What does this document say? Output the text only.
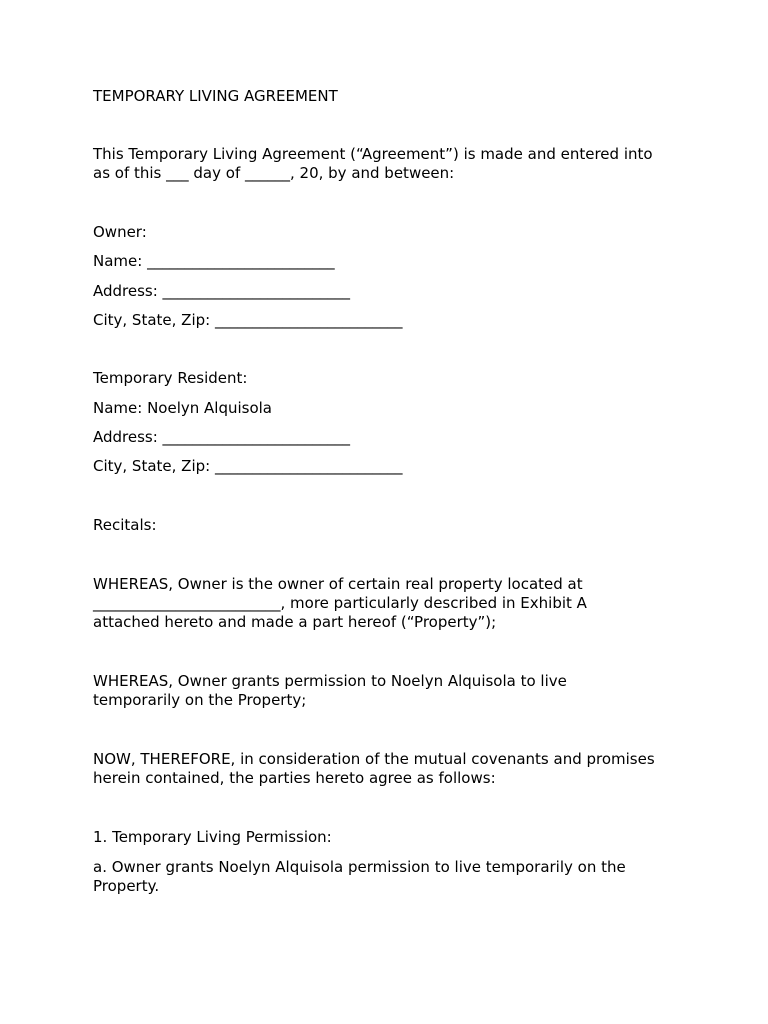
TEMPORARY LIVING AGREEMENT

This Temporary Living Agreement (“Agreement”) is made and entered into

as of this ___ day of ______, 20, by and between:

Owner:

Name: _________________________

Address: _________________________

City, State, Zip: _________________________

Temporary Resident:

Name: Noelyn Alquisola

Address: _________________________

City, State, Zip: _________________________

Recitals:

WHEREAS, Owner is the owner of certain real property located at

_________________________, more particularly described in Exhibit A

attached hereto and made a part hereof (“Property”);

WHEREAS, Owner grants permission to Noelyn Alquisola to live

temporarily on the Property;

NOW, THEREFORE, in consideration of the mutual covenants and promises

herein contained, the parties hereto agree as follows:

1. Temporary Living Permission:

a. Owner grants Noelyn Alquisola permission to live temporarily on the

Property.
